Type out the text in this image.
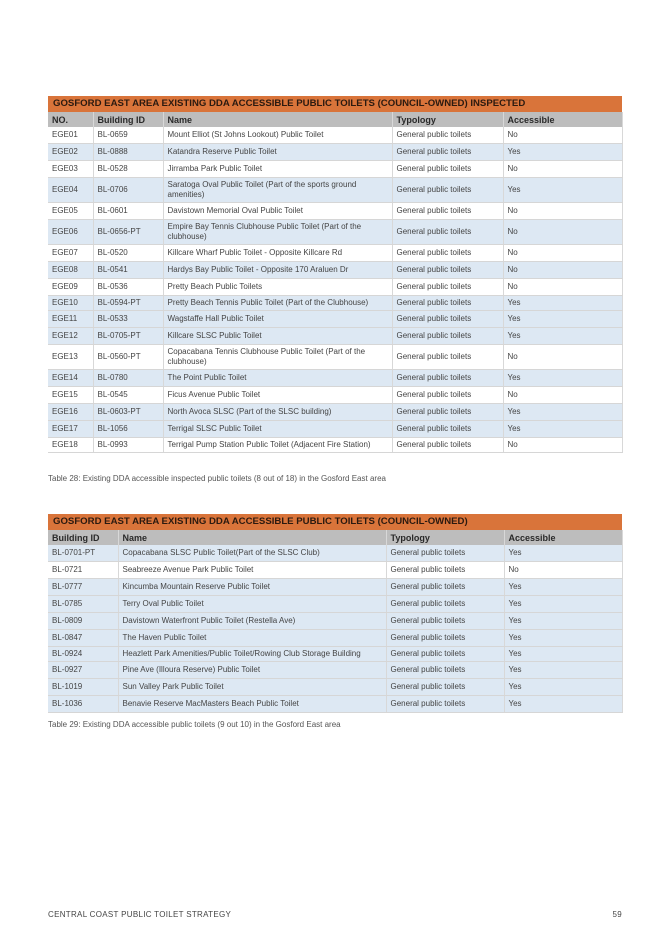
GOSFORD EAST AREA EXISTING DDA ACCESSIBLE PUBLIC TOILETS (COUNCIL-OWNED) INSPECTED
NO.	Building ID	Name	Typology	Accessible
EGE01	BL-0659	Mount Elliot (St Johns Lookout) Public Toilet	General public toilets	No
EGE02	BL-0888	Katandra Reserve Public Toilet	General public toilets	Yes
EGE03	BL-0528	Jirramba Park Public Toilet	General public toilets	No
EGE04	BL-0706	Saratoga Oval Public Toilet (Part of the sports ground amenities)	General public toilets	Yes
EGE05	BL-0601	Davistown Memorial Oval Public Toilet	General public toilets	No
EGE06	BL-0656-PT	Empire Bay Tennis Clubhouse Public Toilet (Part of the clubhouse)	General public toilets	No
EGE07	BL-0520	Killcare Wharf Public Toilet - Opposite Killcare Rd	General public toilets	No
EGE08	BL-0541	Hardys Bay Public Toilet - Opposite 170 Araluen Dr	General public toilets	No
EGE09	BL-0536	Pretty Beach Public Toilets	General public toilets	No
EGE10	BL-0594-PT	Pretty Beach Tennis Public Toilet (Part of the Clubhouse)	General public toilets	Yes
EGE11	BL-0533	Wagstaffe Hall Public Toilet	General public toilets	Yes
EGE12	BL-0705-PT	Killcare SLSC Public Toilet	General public toilets	Yes
EGE13	BL-0560-PT	Copacabana Tennis Clubhouse Public Toilet (Part of the clubhouse)	General public toilets	No
EGE14	BL-0780	The Point Public Toilet	General public toilets	Yes
EGE15	BL-0545	Ficus Avenue Public Toilet	General public toilets	No
EGE16	BL-0603-PT	North Avoca SLSC (Part of the SLSC building)	General public toilets	Yes
EGE17	BL-1056	Terrigal SLSC Public Toilet	General public toilets	Yes
EGE18	BL-0993	Terrigal Pump Station Public Toilet (Adjacent Fire Station)	General public toilets	No
Table 28: Existing DDA accessible inspected public toilets (8 out of 18) in the Gosford East area
GOSFORD EAST AREA EXISTING DDA ACCESSIBLE PUBLIC TOILETS (COUNCIL-OWNED)
Building ID	Name	Typology	Accessible
BL-0701-PT	Copacabana SLSC Public Toilet(Part of the SLSC Club)	General public toilets	Yes
BL-0721	Seabreeze Avenue Park Public Toilet	General public toilets	No
BL-0777	Kincumba Mountain Reserve Public Toilet	General public toilets	Yes
BL-0785	Terry Oval Public Toilet	General public toilets	Yes
BL-0809	Davistown Waterfront Public Toilet (Restella Ave)	General public toilets	Yes
BL-0847	The Haven Public Toilet	General public toilets	Yes
BL-0924	Heazlett Park Amenities/Public Toilet/Rowing Club Storage Building	General public toilets	Yes
BL-0927	Pine Ave (Illoura Reserve) Public Toilet	General public toilets	Yes
BL-1019	Sun Valley Park Public Toilet	General public toilets	Yes
BL-1036	Benavie Reserve MacMasters Beach Public Toilet	General public toilets	Yes
Table 29: Existing DDA accessible public toilets (9 out 10) in the Gosford East area
CENTRAL COAST PUBLIC TOILET STRATEGY	59
